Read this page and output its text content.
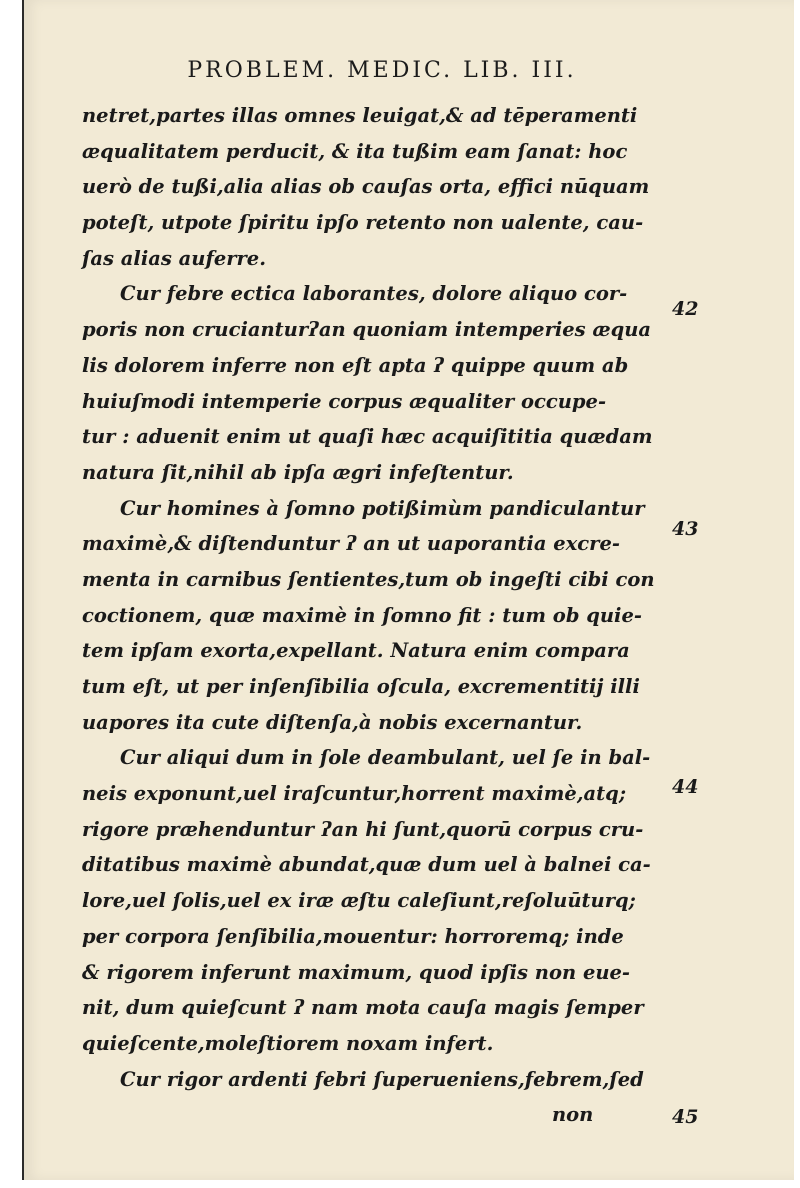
PROBLEM. MEDIC. LIB. III.
netret,partes illas omnes leuigat,& ad tēperamenti
æqualitatem perducit, & ita tußim eam ſanat: hoc
uerò de tußi,alia alias ob cauſas orta, effici nūquam
poteſt, utpote ſpiritu ipſo retento non ualente, cau-
ſas alias auferre.
Cur febre ectica laborantes, dolore aliquo cor-
poris non crucianturʔan quoniam intemperies æqua
lis dolorem inferre non eſt apta ʔ quippe quum ab
huiuſmodi intemperie corpus æqualiter occupe-
tur : aduenit enim ut quaſi hæc acquiſititia quædam
natura ſit,nihil ab ipſa ægri infeſtentur.
Cur homines à ſomno potißimùm pandiculantur
maximè,& diſtenduntur ʔ an ut uaporantia excre-
menta in carnibus ſentientes,tum ob ingeſti cibi con
coctionem, quæ maximè in ſomno fit : tum ob quie-
tem ipſam exorta,expellant. Natura enim compara
tum eſt, ut per inſenſibilia oſcula, excrementitij illi
uapores ita cute diſtenſa,à nobis excernantur.
Cur aliqui dum in ſole deambulant, uel ſe in bal-
neis exponunt,uel iraſcuntur,horrent maximè,atq;
rigore præhenduntur ʔan hi ſunt,quorū corpus cru-
ditatibus maximè abundat,quæ dum uel à balnei ca-
lore,uel ſolis,uel ex iræ æſtu caleſiunt,reſoluūturq;
per corpora ſenſibilia,mouentur: horroremq; inde
& rigorem inferunt maximum, quod ipſis non eue-
nit, dum quieſcunt ʔ nam mota cauſa magis ſemper
quieſcente,moleſtiorem noxam infert.
Cur rigor ardenti febri ſuperueniens,febrem,ſed
non
42
43
44
45
